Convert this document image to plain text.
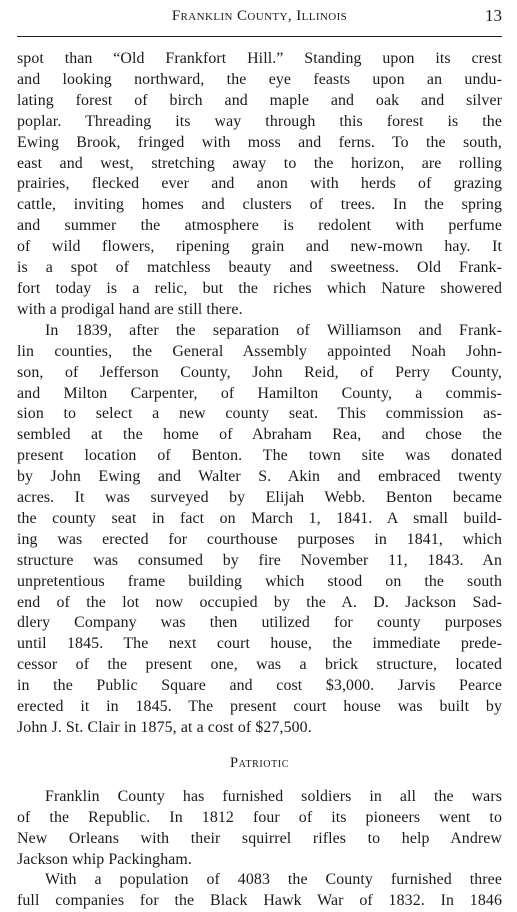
Franklin County, Illinois	13
spot than “Old Frankfort Hill.” Standing upon its crest
and looking northward, the eye feasts upon an undu-
lating forest of birch and maple and oak and silver
poplar. Threading its way through this forest is the
Ewing Brook, fringed with moss and ferns. To the south,
east and west, stretching away to the horizon, are rolling
prairies, flecked ever and anon with herds of grazing
cattle, inviting homes and clusters of trees. In the spring
and summer the atmosphere is redolent with perfume
of wild flowers, ripening grain and new-mown hay. It
is a spot of matchless beauty and sweetness. Old Frank-
fort today is a relic, but the riches which Nature showered
with a prodigal hand are still there.
In 1839, after the separation of Williamson and Frank-
lin counties, the General Assembly appointed Noah John-
son, of Jefferson County, John Reid, of Perry County,
and Milton Carpenter, of Hamilton County, a commis-
sion to select a new county seat. This commission as-
sembled at the home of Abraham Rea, and chose the
present location of Benton. The town site was donated
by John Ewing and Walter S. Akin and embraced twenty
acres. It was surveyed by Elijah Webb. Benton became
the county seat in fact on March 1, 1841. A small build-
ing was erected for courthouse purposes in 1841, which
structure was consumed by fire November 11, 1843. An
unpretentious frame building which stood on the south
end of the lot now occupied by the A. D. Jackson Sad-
dlery Company was then utilized for county purposes
until 1845. The next court house, the immediate prede-
cessor of the present one, was a brick structure, located
in the Public Square and cost $3,000. Jarvis Pearce
erected it in 1845. The present court house was built by
John J. St. Clair in 1875, at a cost of $27,500.
Patriotic
Franklin County has furnished soldiers in all the wars
of the Republic. In 1812 four of its pioneers went to
New Orleans with their squirrel rifles to help Andrew
Jackson whip Packingham.
With a population of 4083 the County furnished three
full companies for the Black Hawk War of 1832. In 1846
